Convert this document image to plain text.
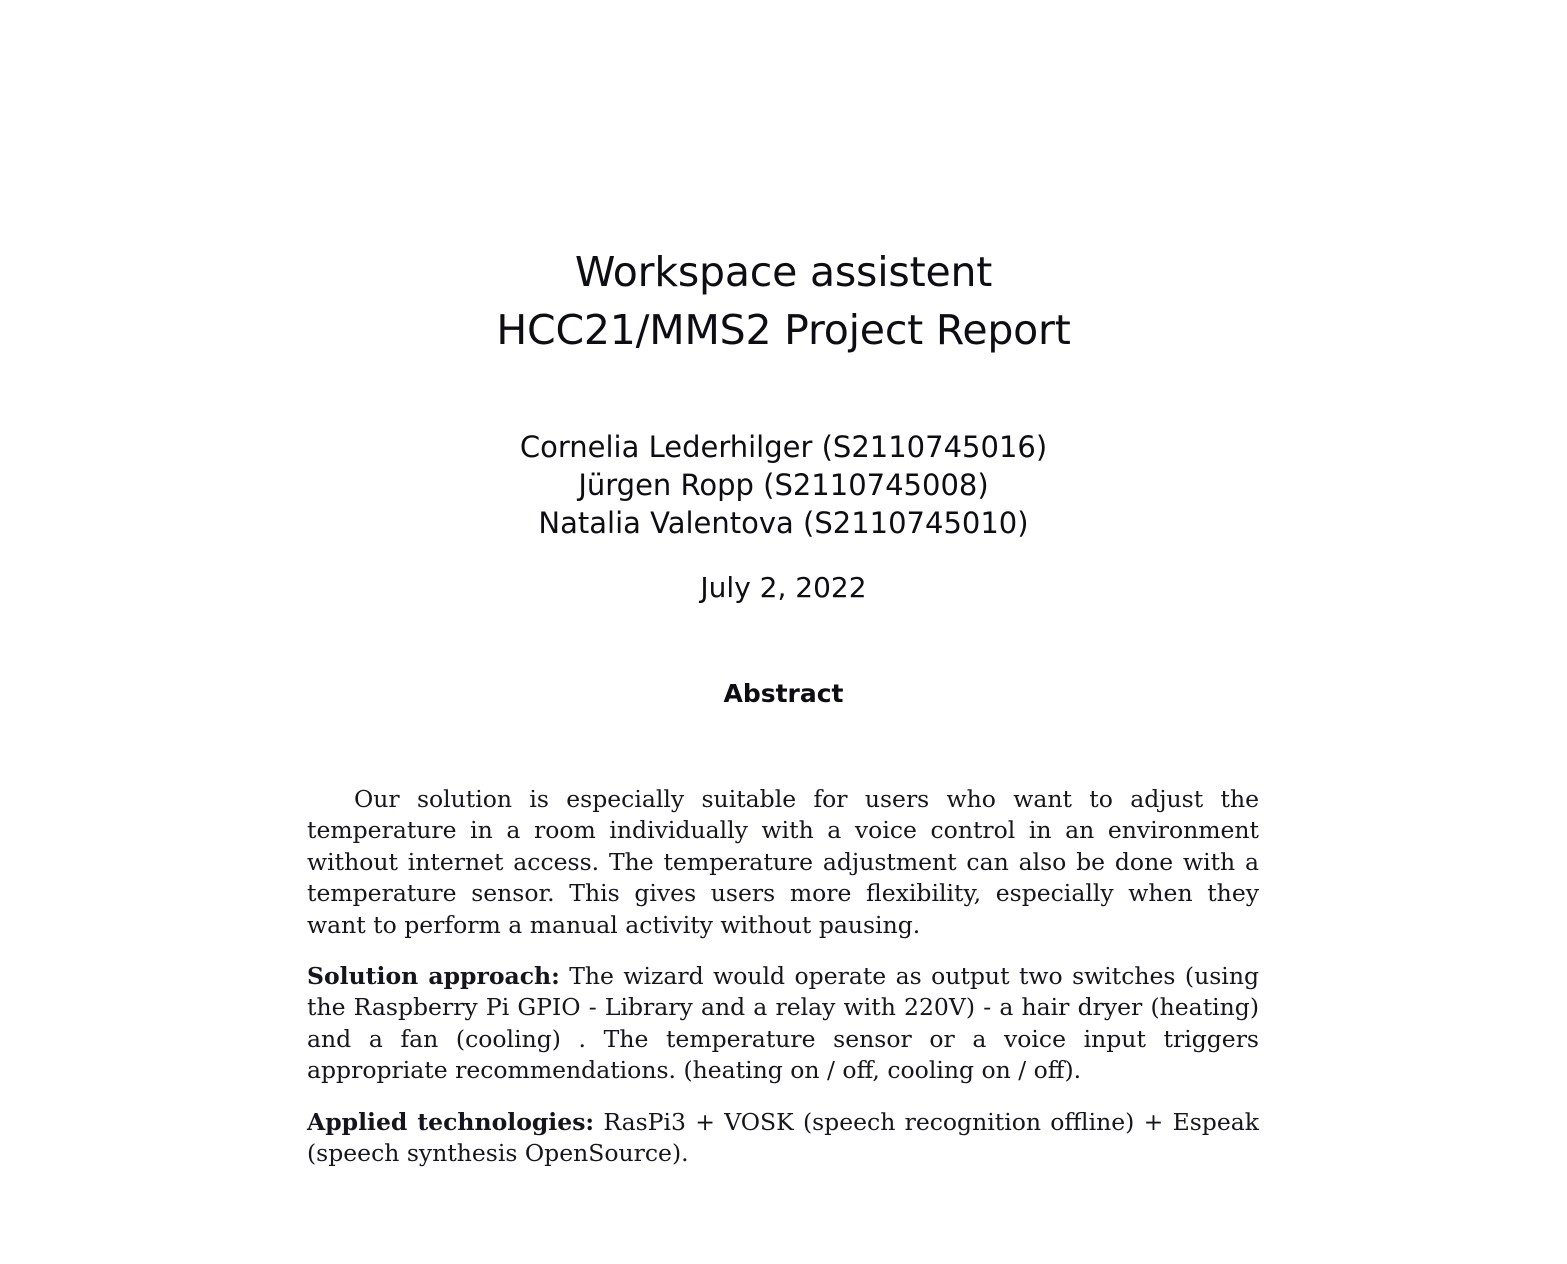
Workspace assistent
HCC21/MMS2 Project Report
Cornelia Lederhilger (S2110745016)
Jürgen Ropp (S2110745008)
Natalia Valentova (S2110745010)
July 2, 2022
Abstract

Our solution is especially suitable for users who want to adjust the temperature in a room individually with a voice control in an environment without internet access. The temperature adjustment can also be done with a temperature sensor. This gives users more flexibility, especially when they want to perform a manual activity without pausing.

Solution approach: The wizard would operate as output two switches (using the Raspberry Pi GPIO - Library and a relay with 220V) - a hair dryer (heating) and a fan (cooling) . The temperature sensor or a voice input triggers appropriate recommendations. (heating on / off, cooling on / off).

Applied technologies: RasPi3 + VOSK (speech recognition offline) + Espeak (speech synthesis OpenSource).
